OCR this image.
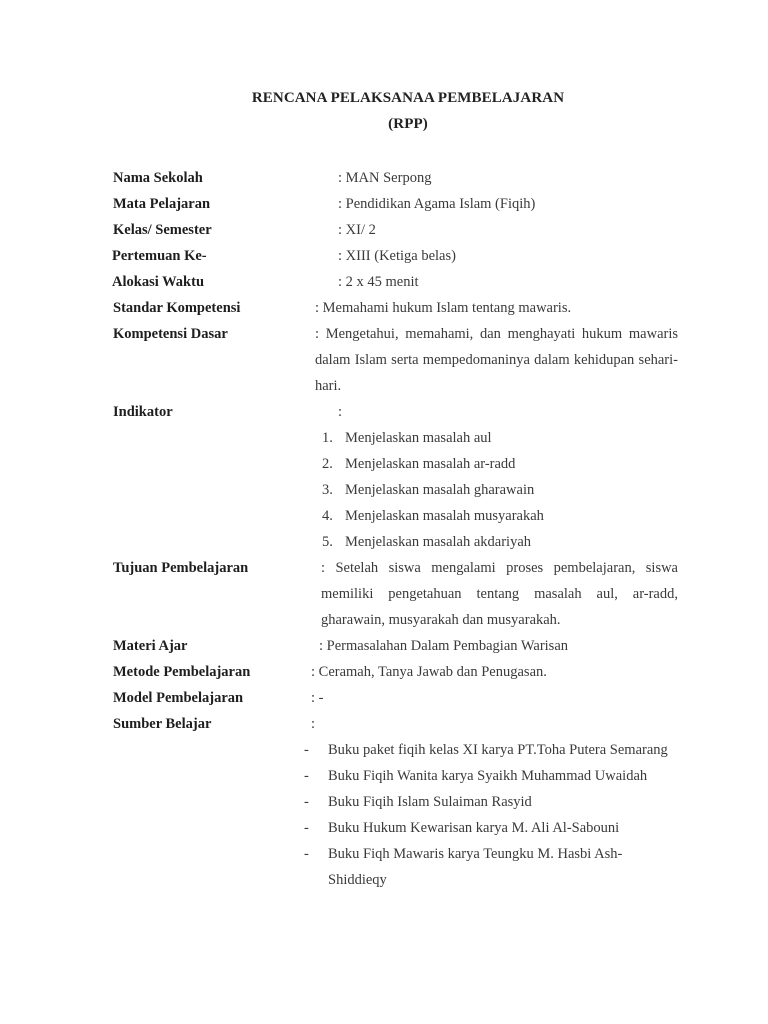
RENCANA PELAKSANAA PEMBELAJARAN
(RPP)
Nama Sekolah	: MAN Serpong
Mata Pelajaran	: Pendidikan Agama Islam (Fiqih)
Kelas/ Semester	: XI/ 2
Pertemuan Ke-	: XIII (Ketiga belas)
Alokasi Waktu	: 2 x 45 menit
Standar Kompetensi	: Memahami hukum Islam tentang mawaris.
Kompetensi Dasar	: Mengetahui, memahami, dan menghayati hukum mawaris dalam Islam serta mempedomaninya dalam kehidupan sehari-hari.
Indikator	:
1. Menjelaskan masalah aul
2. Menjelaskan masalah ar-radd
3. Menjelaskan masalah gharawain
4. Menjelaskan masalah musyarakah
5. Menjelaskan masalah akdariyah
Tujuan Pembelajaran	: Setelah siswa mengalami proses pembelajaran, siswa memiliki pengetahuan tentang masalah aul, ar-radd, gharawain, musyarakah dan musyarakah.
Materi Ajar	: Permasalahan Dalam Pembagian Warisan
Metode Pembelajaran	: Ceramah, Tanya Jawab dan Penugasan.
Model Pembelajaran	: -
Sumber Belajar	:
- Buku paket fiqih kelas XI karya PT.Toha Putera Semarang
- Buku Fiqih Wanita karya Syaikh Muhammad Uwaidah
- Buku Fiqih Islam Sulaiman Rasyid
- Buku Hukum Kewarisan karya M. Ali Al-Sabouni
- Buku Fiqh Mawaris karya Teungku M. Hasbi Ash-Shiddieqy
